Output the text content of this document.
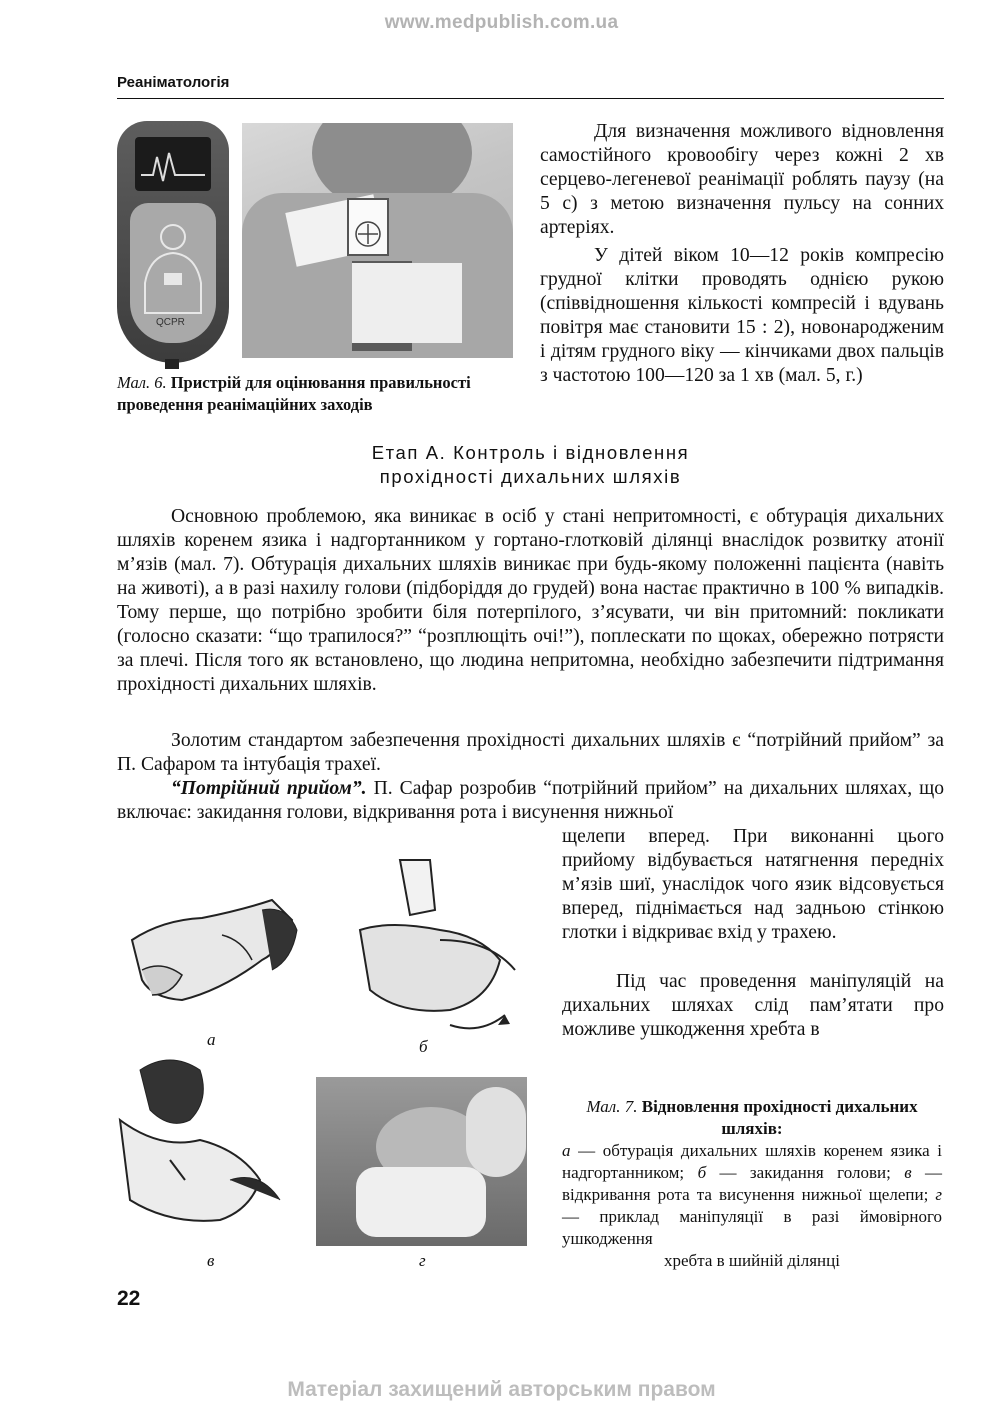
www.medpublish.com.ua
Реаніматологія
QCPR
Мал. 6. Пристрій для оцінювання правильності проведення реанімаційних заходів
Для визначення можливого відновлення самостійного кровообігу через кожні 2 хв серцево-легеневої реанімації роблять паузу (на 5 с) з метою визначення пульсу на сонних артеріях.
У дітей віком 10—12 років компресію грудної клітки проводять однією рукою (співвідношення кількості компресій і вдувань повітря має становити 15 : 2), новонародженим і дітям грудного віку — кінчиками двох пальців з частотою 100—120 за 1 хв (мал. 5, г.)
Етап А. Контроль і відновлення
прохідності дихальних шляхів
Основною проблемою, яка виникає в осіб у стані непритомності, є обтурація дихальних шляхів коренем язика і надгортанником у гортано-глотковій ділянці внаслідок розвитку атонії м’язів (мал. 7). Обтурація дихальних шляхів виникає при будь-якому положенні пацієнта (навіть на животі), а в разі нахилу голови (підборіддя до грудей) вона настає практично в 100 % випадків. Тому перше, що потрібно зробити біля потерпілого, з’ясувати, чи він притомний: покликати (голосно сказати: “що трапилося?” “розплющіть очі!”), поплескати по щоках, обережно потрясти за плечі. Після того як встановлено, що людина непритомна, необхідно забезпечити підтримання прохідності дихальних шляхів.
Золотим стандартом забезпечення прохідності дихальних шляхів є “потрійний прийом” за П. Сафаром та інтубація трахеї.
“Потрійний прийом”. П. Сафар розробив “потрійний прийом” на дихальних шляхах, що включає: закидання голови, відкривання рота і висунення нижньої
щелепи вперед. При виконанні цього прийому відбувається натягнення передніх м’язів шиї, унаслідок чого язик відсовується вперед, піднімається над задньою стінкою глотки і відкриває вхід у трахею.
Під час проведення маніпуляцій на дихальних шляхах слід пам’ятати про можливе ушкодження хребта в
а	б
в	г
Мал. 7. Відновлення прохідності дихальних шляхів:
а — обтурація дихальних шляхів коренем язика і надгортанником; б — закидання голови; в — відкривання рота та висунення нижньої щелепи; г — приклад маніпуляції в разі ймовірного ушкодження
хребта в шийній ділянці
22
Матеріал захищений авторським правом
